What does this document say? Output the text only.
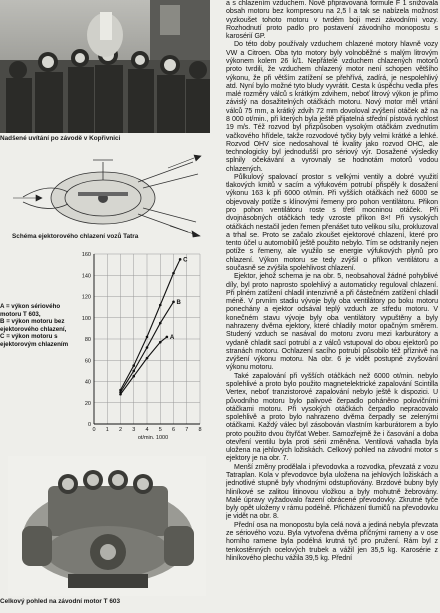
Nadšené uvítání po závodě v Kopřivnici
Schéma ejektorového chlazení vozů Tatra
0
20
40
60
80
100
120
140
160
0 1 2 3 4 5 6 7 8
ot/min. 1000
A
B
C
A = výkon sériového motoru T 603,
B = výkon motoru bez ejektorového chlazení,
C = výkon motoru s ejektorovým chlazením
Celkový pohled na závodní motor T 603

a s chlazením vzduchem. Nově připravovaná formule F 1 snižovala obsah motoru bez kompresoru na 2,5 l a tak se nabízela možnost vyzkoušet tohoto motoru v tvrdém boji mezi závodními vozy. Rozhodnutí proto padlo pro postavení závodního monopostu s karosérií GP.

Do této doby používaly vzduchem chlazené motory hlavně vozy VW a Citroen. Oba tyto motory byly volnoběžné s malým litrovým výkonem kolem 26 k/1. Nepřátelé vzduchem chlazených motorů proto tvrdili, že vzduchem chlazený motor není schopen většího výkonu, že při větším zatížení se přehřívá, zadírá, je nespolehlivý atd. Nyní bylo možné tyto bludy vyvrátit. Cesta k úspěchu vedla přes malé rozměry válců s krátkým zdvihem, neboť litrový výkon je přímo závislý na dosažitelných otáčkách motoru. Nový motor měl vrtání válců 75 mm, a krátký zdvih 72 mm dovoloval zvýšení otáček až na 8 000 ot/min., při kterých byla ještě přijatelná střední pístová rychlost 19 m/s. Též rozvod byl přizpůsoben vysokým otáčkám zvednutím vačkového hřídele, takže rozvodové tyčky byly velmi krátké a lehké. Rozvod OHV sice nedosahoval té kvality jako rozvod OHC, ale technologicky byl jednodušší pro sériový výr. Dosažené výsledky splnily očekávání a vyrovnaly se hodnotám motorů vodou chlazených.

Půlkulový spalovací prostor s velkými ventily a dobré využití tlakových kmitů v sacím a výfukovém potrubí přispěly k dosažení výkonu 163 k při 6000 ot/min. Při vyšších otáčkách než 6000 se objevovaly potíže s klínovými řemeny pro pohon ventilátoru. Přikon pro pohon ventilátoru roste s třetí mocninou otáček. Při dvojnásobných otáčkách tedy vzroste příkon 8×! Při vysokých otáčkách nestačil jeden řemen přenášet tuto velikou sílu, prokluzoval a trhal se. Proto se začalo zkoušet ejektorové chlazení, které pro tento účel u automobilů ještě použito nebylo. Tím se odstranily nejen potíže s řemeny, ale využilo se energie výfukových plynů pro chlazení. Výkon motoru se tedy zvýšil o příkon ventilátoru a současně se zvýšila spolehlivost chlazení.

Ejektor, jehož schema je na obr. 5, neobsahoval žádné pohyblivé díly, byl proto naprosto spolehlivý a automaticky reguloval chlazení. Při plném zatížení chladil intenzivně a při částečném zatížení chladil méně. V prvním stadiu vývoje byly oba ventilátory po boku motoru ponechány a ejektor odsával teplý vzduch ze středu motoru. V konečném stavu vývoje byly oba ventilátory vypuštěny a byly nahrazeny dvěma ejektory, které chladily motor opačným směrem. Studený vzduch se nasával do motoru zvoru mezi karburátory a vydaně chladit sací potrubí a z válců vstupoval do obou ejektorů po stranách motoru. Ochlazení sacího potrubí působilo též příznivě na zvýšení výkonu motoru. Na obr. 6 je vidět postupné zvyšování výkonu motoru.

Také zapalování při vyšších otáčkách než 6000 ot/min. nebylo spolehlivé a proto bylo použito magnetelektrické zapalování Scintilla Vertex, neboť tranzistorové zapalování nebylo ještě k dispozici. U původního motoru bylo palivové čerpadlo poháněno polovičními otáčkami motoru. Při vysokých otáčkách čerpadlo nepracovalo spolehlivě a proto bylo nahrazeno dvěma čerpadly se zelenými otáčkami. Každý válec byl zásobován vlastním karburátorem a bylo proto použito dvou čtyřčat Weber. Samozřejmě že i časování a doba otevření ventilu byla proti sérii změněna. Ventilová vahadla byla uložena na jehlových ložiskách. Celkový pohled na závodní motor s ejektory je na obr. 7.

Menší změny prodělala i převodovka a rozvodka, převzatá z vozu Tatraplan. Kola v převodovce byla uložena na jehlových ložiskách a jednotlivé stupně byly vhodnými odstupňovány. Brzdové bubny byly hliníkové se zalitou litinovou vložkou a byly mohutně žebrovány. Malé úpravy vyžadovalo řazení obrácené převodovky. Zkrutné tyče byly opět uloženy v rámu podélně. Přicházení tlumičů na převodovku je vidět na obr. 8.

Přední osa na monopostu byla celá nová a jediná nebyla převzata ze sériového vozu. Byla vytvořena dvěma příčnými rameny a v ose horního ramene byla podélná krutná tyč pro pružení. Rám byl z tenkostěnných ocelových trubek a vážil jen 35,5 kg. Karosérie z hliníkového plechu vážila 39,5 kg. Přední
